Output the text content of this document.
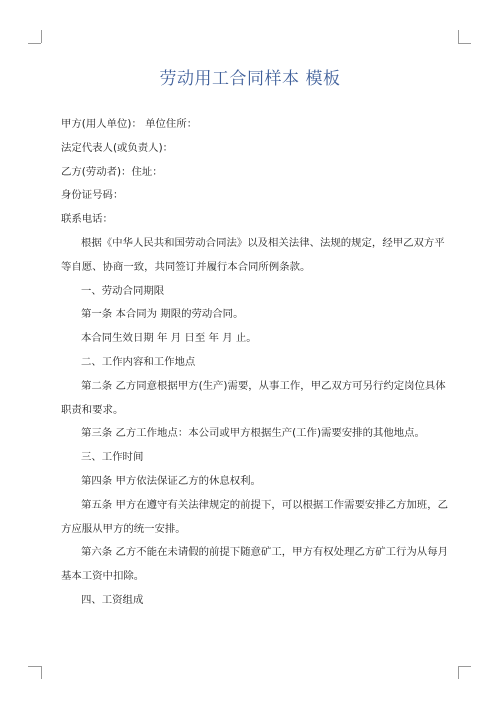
劳动用工合同样本 模板

甲方(用人单位)： 单位住所：

法定代表人(或负责人)：

乙方(劳动者)：住址：

身份证号码：

联系电话：

根据《中华人民共和国劳动合同法》以及相关法律、法规的规定，经甲乙双方平

等自愿、协商一致，共同签订并履行本合同所例条款。

一、劳动合同期限

第一条 本合同为 期限的劳动合同。

本合同生效日期 年 月 日至 年 月 止。

二、工作内容和工作地点

第二条 乙方同意根据甲方(生产)需要，从事工作，甲乙双方可另行约定岗位具体

职责和要求。

第三条 乙方工作地点：本公司或甲方根据生产(工作)需要安排的其他地点。

三、工作时间

第四条 甲方依法保证乙方的休息权利。

第五条 甲方在遵守有关法律规定的前提下，可以根据工作需要安排乙方加班，乙

方应服从甲方的统一安排。

第六条 乙方不能在未请假的前提下随意矿工，甲方有权处理乙方矿工行为从每月

基本工资中扣除。

四、工资组成
